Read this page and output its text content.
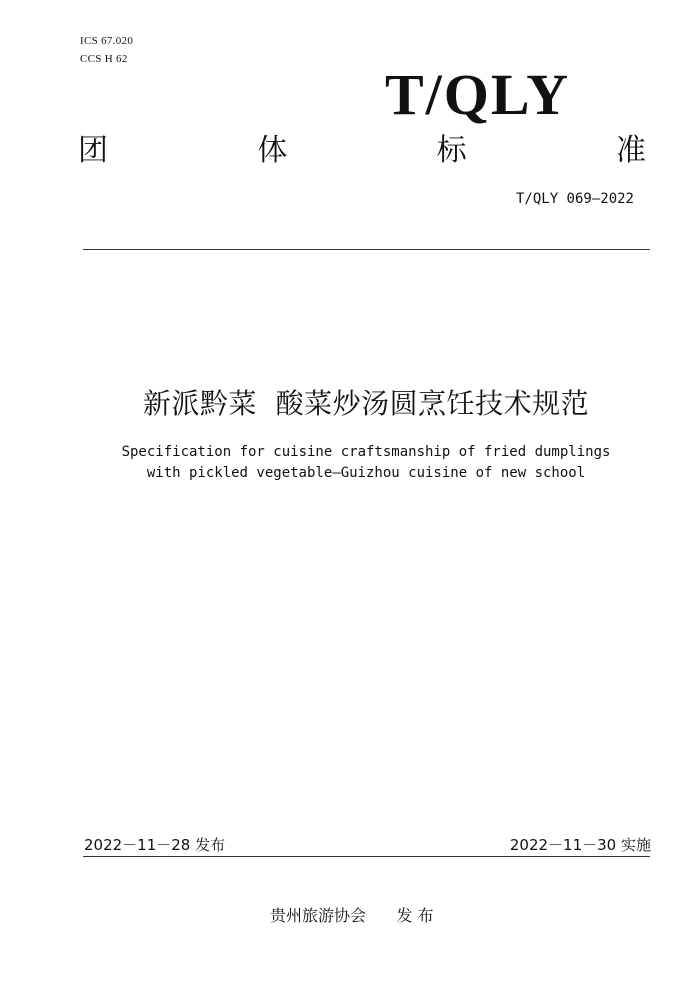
ICS 67.020
CCS H 62
T/QLY
团	体	标	准
T/QLY 069—2022
新派黔菜  酸菜炒汤圆烹饪技术规范
Specification for cuisine craftsmanship of fried dumplings
with pickled vegetable—Guizhou cuisine of new school
2022－11－28 发布	2022－11－30 实施
贵州旅游协会      发 布
